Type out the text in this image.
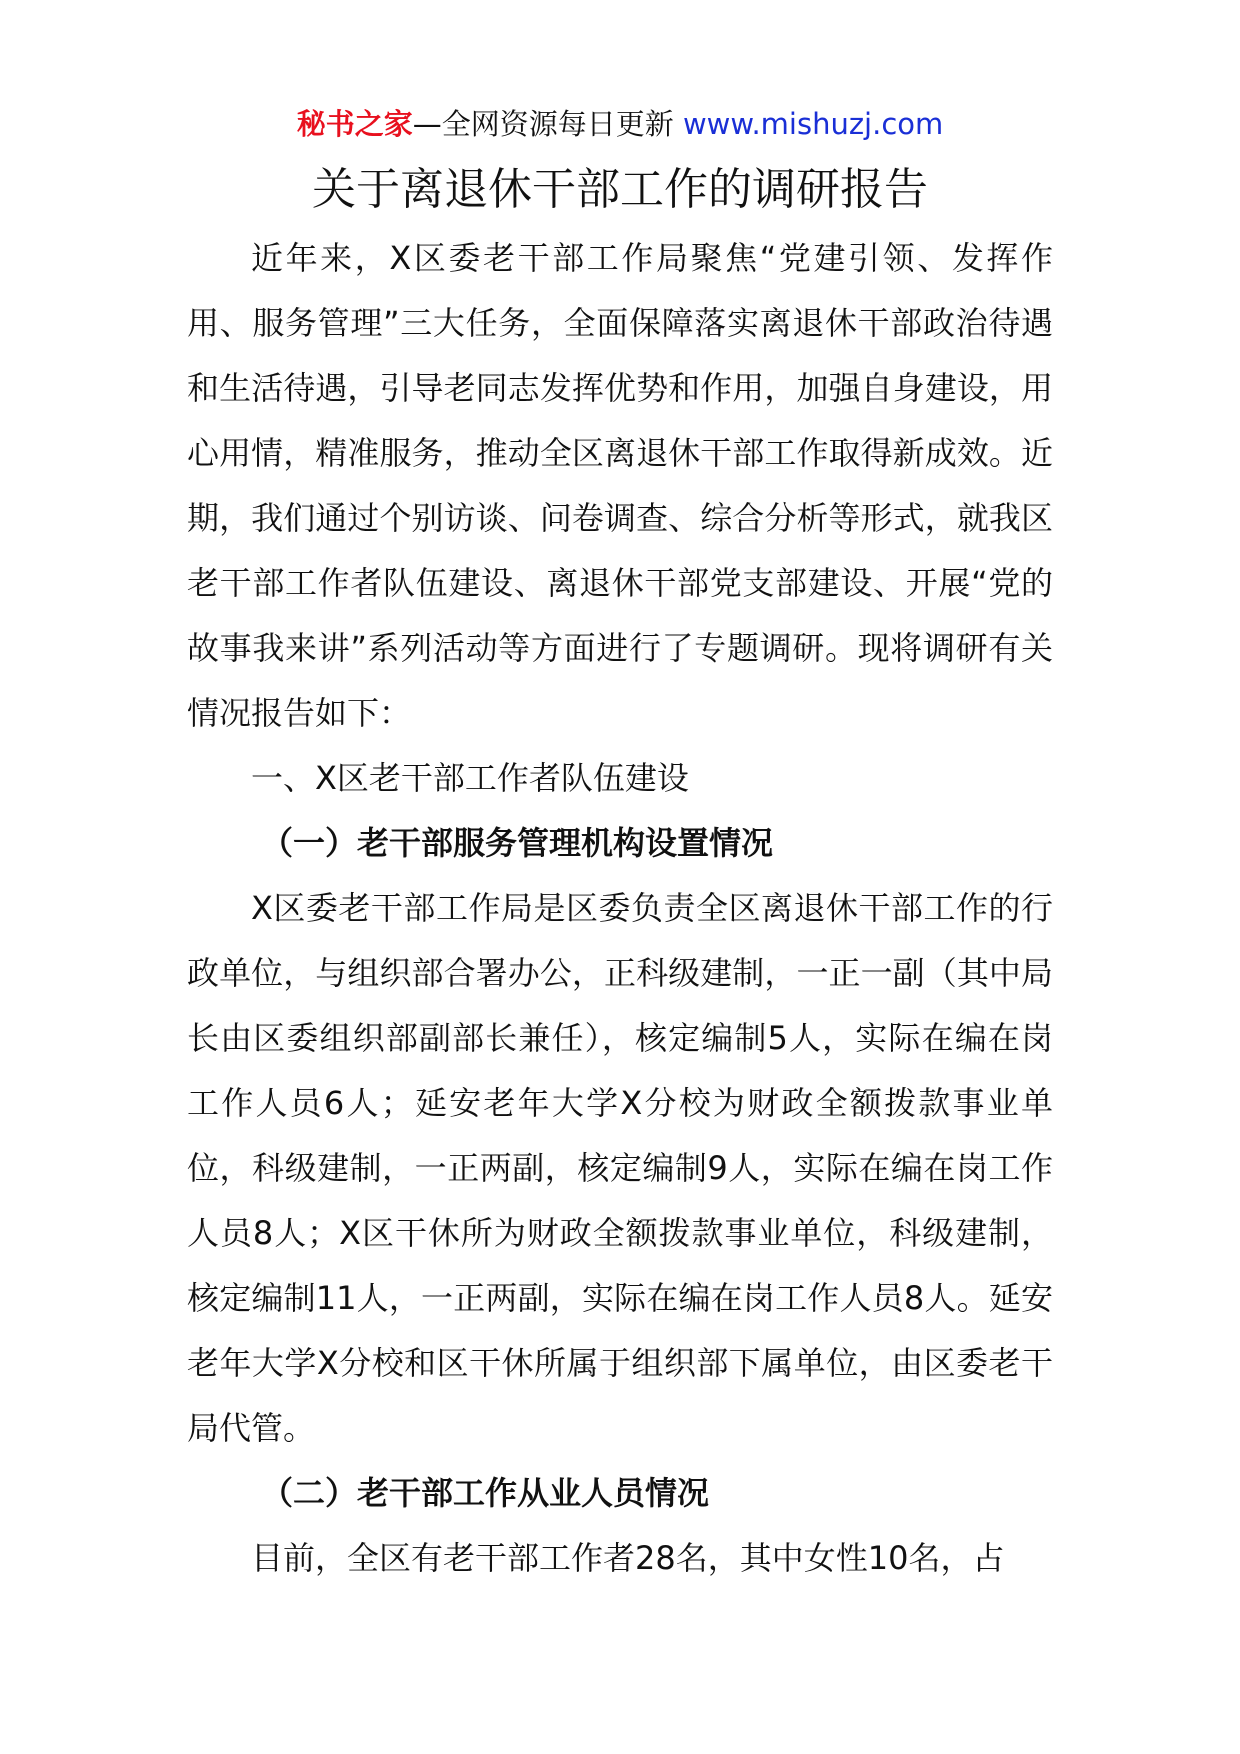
秘书之家—全网资源每日更新 www.mishuzj.com
关于离退休干部工作的调研报告

近年来，X区委老干部工作局聚焦“党建引领、发挥作用、服务管理”三大任务，全面保障落实离退休干部政治待遇和生活待遇，引导老同志发挥优势和作用，加强自身建设，用心用情，精准服务，推动全区离退休干部工作取得新成效。近期，我们通过个别访谈、问卷调查、综合分析等形式，就我区老干部工作者队伍建设、离退休干部党支部建设、开展“党的故事我来讲”系列活动等方面进行了专题调研。现将调研有关情况报告如下：

一、X区老干部工作者队伍建设

（一）老干部服务管理机构设置情况

X区委老干部工作局是区委负责全区离退休干部工作的行政单位，与组织部合署办公，正科级建制，一正一副（其中局长由区委组织部副部长兼任），核定编制5人，实际在编在岗工作人员6人；延安老年大学X分校为财政全额拨款事业单位，科级建制，一正两副，核定编制9人，实际在编在岗工作人员8人；X区干休所为财政全额拨款事业单位，科级建制，核定编制11人，一正两副，实际在编在岗工作人员8人。延安老年大学X分校和区干休所属于组织部下属单位，由区委老干局代管。

（二）老干部工作从业人员情况

目前，全区有老干部工作者28名，其中女性10名，占
